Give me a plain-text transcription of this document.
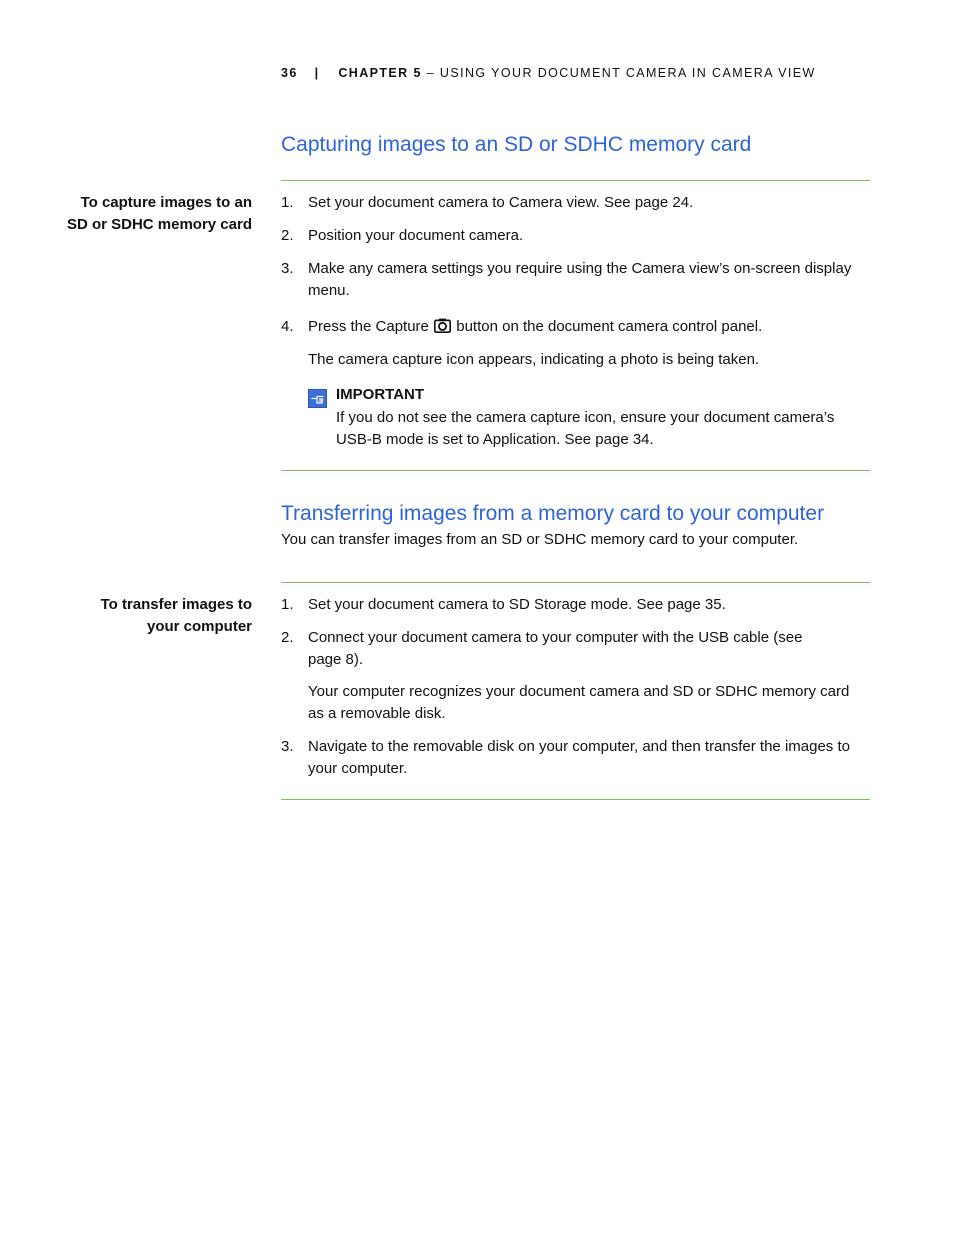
36 | CHAPTER 5 – USING YOUR DOCUMENT CAMERA IN CAMERA VIEW
Capturing images to an SD or SDHC memory card
To capture images to an
SD or SDHC memory card
1. Set your document camera to Camera view. See page 24.
2. Position your document camera.
3. Make any camera settings you require using the Camera view’s on-screen display
menu.
4. Press the Capture button on the document camera control panel.
The camera capture icon appears, indicating a photo is being taken.
IMPORTANT
If you do not see the camera capture icon, ensure your document camera’s
USB-B mode is set to Application. See page 34.
Transferring images from a memory card to your computer
You can transfer images from an SD or SDHC memory card to your computer.
To transfer images to
your computer
1. Set your document camera to SD Storage mode. See page 35.
2. Connect your document camera to your computer with the USB cable (see
page 8).
Your computer recognizes your document camera and SD or SDHC memory card
as a removable disk.
3. Navigate to the removable disk on your computer, and then transfer the images to
your computer.
